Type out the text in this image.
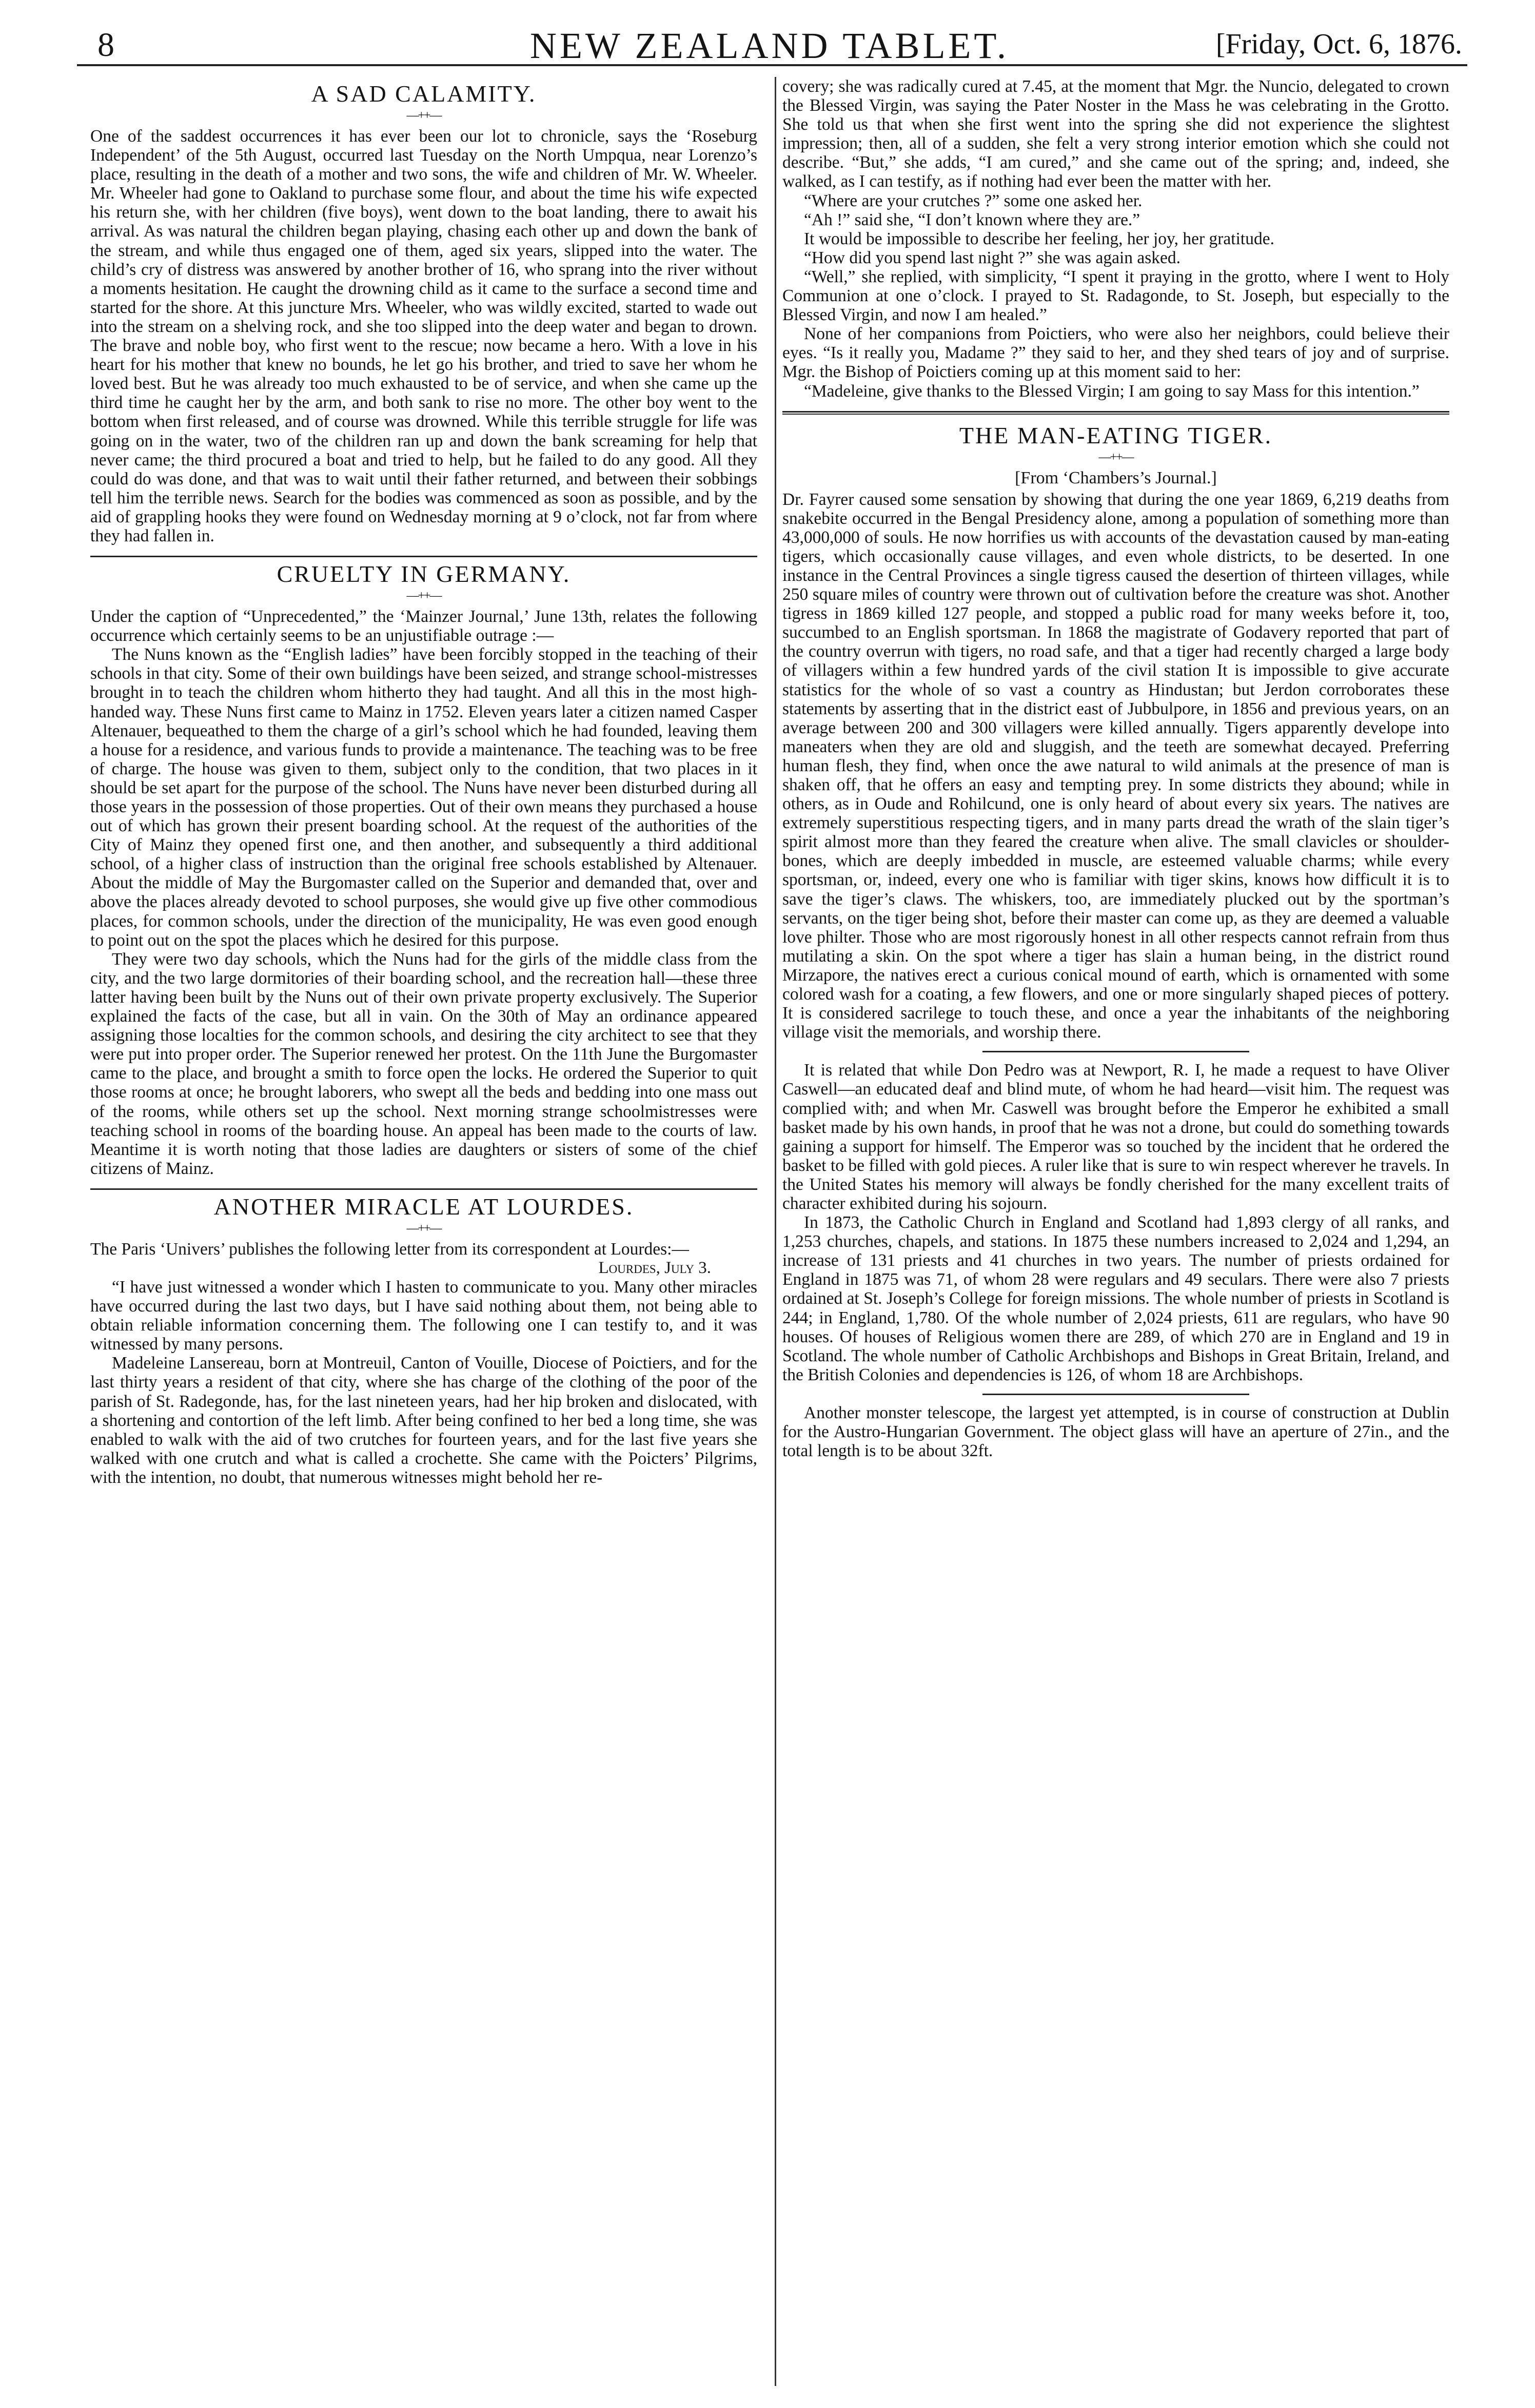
8	NEW ZEALAND TABLET.	[Friday, Oct. 6, 1876.
A SAD CALAMITY.
—++—

One of the saddest occurrences it has ever been our lot to chronicle, says the ‘Roseburg Independent’ of the 5th August, occurred last Tuesday on the North Umpqua, near Lorenzo’s place, resulting in the death of a mother and two sons, the wife and children of Mr. W. Wheeler. Mr. Wheeler had gone to Oakland to purchase some flour, and about the time his wife expected his return she, with her children (five boys), went down to the boat landing, there to await his arrival. As was natural the children began playing, chasing each other up and down the bank of the stream, and while thus engaged one of them, aged six years, slipped into the water. The child’s cry of distress was answered by another brother of 16, who sprang into the river without a moments hesitation. He caught the drowning child as it came to the surface a second time and started for the shore. At this juncture Mrs. Wheeler, who was wildly excited, started to wade out into the stream on a shelving rock, and she too slipped into the deep water and began to drown. The brave and noble boy, who first went to the rescue; now became a hero. With a love in his heart for his mother that knew no bounds, he let go his brother, and tried to save her whom he loved best. But he was already too much exhausted to be of service, and when she came up the third time he caught her by the arm, and both sank to rise no more. The other boy went to the bottom when first released, and of course was drowned. While this terrible struggle for life was going on in the water, two of the children ran up and down the bank screaming for help that never came; the third procured a boat and tried to help, but he failed to do any good. All they could do was done, and that was to wait until their father returned, and between their sobbings tell him the terrible news. Search for the bodies was commenced as soon as possible, and by the aid of grappling hooks they were found on Wednesday morning at 9 o’clock, not far from where they had fallen in.

CRUELTY IN GERMANY.
—++—

Under the caption of “Unprecedented,” the ‘Mainzer Journal,’ June 13th, relates the following occurrence which certainly seems to be an unjustifiable outrage :—

The Nuns known as the “English ladies” have been forcibly stopped in the teaching of their schools in that city. Some of their own buildings have been seized, and strange school-mistresses brought in to teach the children whom hitherto they had taught. And all this in the most high-handed way. These Nuns first came to Mainz in 1752. Eleven years later a citizen named Casper Altenauer, bequeathed to them the charge of a girl’s school which he had founded, leaving them a house for a residence, and various funds to provide a maintenance. The teaching was to be free of charge. The house was given to them, subject only to the condition, that two places in it should be set apart for the purpose of the school. The Nuns have never been disturbed during all those years in the possession of those properties. Out of their own means they purchased a house out of which has grown their present boarding school. At the request of the authorities of the City of Mainz they opened first one, and then another, and subsequently a third additional school, of a higher class of instruction than the original free schools established by Altenauer. About the middle of May the Burgomaster called on the Superior and demanded that, over and above the places already devoted to school purposes, she would give up five other commodious places, for common schools, under the direction of the municipality, He was even good enough to point out on the spot the places which he desired for this purpose.

They were two day schools, which the Nuns had for the girls of the middle class from the city, and the two large dormitories of their boarding school, and the recreation hall—these three latter having been built by the Nuns out of their own private property exclusively. The Superior explained the facts of the case, but all in vain. On the 30th of May an ordinance appeared assigning those localties for the common schools, and desiring the city architect to see that they were put into proper order. The Superior renewed her protest. On the 11th June the Burgomaster came to the place, and brought a smith to force open the locks. He ordered the Superior to quit those rooms at once; he brought laborers, who swept all the beds and bedding into one mass out of the rooms, while others set up the school. Next morning strange schoolmistresses were teaching school in rooms of the boarding house. An appeal has been made to the courts of law. Meantime it is worth noting that those ladies are daughters or sisters of some of the chief citizens of Mainz.

ANOTHER MIRACLE AT LOURDES.
—++—

The Paris ‘Univers’ publishes the following letter from its correspondent at Lourdes:—

Lourdes, July 3.

“I have just witnessed a wonder which I hasten to communicate to you. Many other miracles have occurred during the last two days, but I have said nothing about them, not being able to obtain reliable information concerning them. The following one I can testify to, and it was witnessed by many persons.

Madeleine Lansereau, born at Montreuil, Canton of Vouille, Diocese of Poictiers, and for the last thirty years a resident of that city, where she has charge of the clothing of the poor of the parish of St. Radegonde, has, for the last nineteen years, had her hip broken and dislocated, with a shortening and contortion of the left limb. After being confined to her bed a long time, she was enabled to walk with the aid of two crutches for fourteen years, and for the last five years she walked with one crutch and what is called a crochette. She came with the Poicters’ Pilgrims, with the intention, no doubt, that numerous witnesses might behold her re-

covery; she was radically cured at 7.45, at the moment that Mgr. the Nuncio, delegated to crown the Blessed Virgin, was saying the Pater Noster in the Mass he was celebrating in the Grotto. She told us that when she first went into the spring she did not experience the slightest impression; then, all of a sudden, she felt a very strong interior emotion which she could not describe. “But,” she adds, “I am cured,” and she came out of the spring; and, indeed, she walked, as I can testify, as if nothing had ever been the matter with her.

“Where are your crutches ?” some one asked her.

“Ah !” said she, “I don’t known where they are.”

It would be impossible to describe her feeling, her joy, her gratitude.

“How did you spend last night ?” she was again asked.

“Well,” she replied, with simplicity, “I spent it praying in the grotto, where I went to Holy Communion at one o’clock. I prayed to St. Radagonde, to St. Joseph, but especially to the Blessed Virgin, and now I am healed.”

None of her companions from Poictiers, who were also her neighbors, could believe their eyes. “Is it really you, Madame ?” they said to her, and they shed tears of joy and of surprise. Mgr. the Bishop of Poictiers coming up at this moment said to her:

“Madeleine, give thanks to the Blessed Virgin; I am going to say Mass for this intention.”

THE MAN-EATING TIGER.
—++—
[From ‘Chambers’s Journal.]

Dr. Fayrer caused some sensation by showing that during the one year 1869, 6,219 deaths from snakebite occurred in the Bengal Presidency alone, among a population of something more than 43,000,000 of souls. He now horrifies us with accounts of the devastation caused by man-eating tigers, which occasionally cause villages, and even whole districts, to be deserted. In one instance in the Central Provinces a single tigress caused the desertion of thirteen villages, while 250 square miles of country were thrown out of cultivation before the creature was shot. Another tigress in 1869 killed 127 people, and stopped a public road for many weeks before it, too, succumbed to an English sportsman. In 1868 the magistrate of Godavery reported that part of the country overrun with tigers, no road safe, and that a tiger had recently charged a large body of villagers within a few hundred yards of the civil station It is impossible to give accurate statistics for the whole of so vast a country as Hindustan; but Jerdon corroborates these statements by asserting that in the district east of Jubbulpore, in 1856 and previous years, on an average between 200 and 300 villagers were killed annually. Tigers apparently develope into maneaters when they are old and sluggish, and the teeth are somewhat decayed. Preferring human flesh, they find, when once the awe natural to wild animals at the presence of man is shaken off, that he offers an easy and tempting prey. In some districts they abound; while in others, as in Oude and Rohilcund, one is only heard of about every six years. The natives are extremely superstitious respecting tigers, and in many parts dread the wrath of the slain tiger’s spirit almost more than they feared the creature when alive. The small clavicles or shoulder-bones, which are deeply imbedded in muscle, are esteemed valuable charms; while every sportsman, or, indeed, every one who is familiar with tiger skins, knows how difficult it is to save the tiger’s claws. The whiskers, too, are immediately plucked out by the sportman’s servants, on the tiger being shot, before their master can come up, as they are deemed a valuable love philter. Those who are most rigorously honest in all other respects cannot refrain from thus mutilating a skin. On the spot where a tiger has slain a human being, in the district round Mirzapore, the natives erect a curious conical mound of earth, which is ornamented with some colored wash for a coating, a few flowers, and one or more singularly shaped pieces of pottery. It is considered sacrilege to touch these, and once a year the inhabitants of the neighboring village visit the memorials, and worship there.

It is related that while Don Pedro was at Newport, R. I, he made a request to have Oliver Caswell—an educated deaf and blind mute, of whom he had heard—visit him. The request was complied with; and when Mr. Caswell was brought before the Emperor he exhibited a small basket made by his own hands, in proof that he was not a drone, but could do something towards gaining a support for himself. The Emperor was so touched by the incident that he ordered the basket to be filled with gold pieces. A ruler like that is sure to win respect wherever he travels. In the United States his memory will always be fondly cherished for the many excellent traits of character exhibited during his sojourn.

In 1873, the Catholic Church in England and Scotland had 1,893 clergy of all ranks, and 1,253 churches, chapels, and stations. In 1875 these numbers increased to 2,024 and 1,294, an increase of 131 priests and 41 churches in two years. The number of priests ordained for England in 1875 was 71, of whom 28 were regulars and 49 seculars. There were also 7 priests ordained at St. Joseph’s College for foreign missions. The whole number of priests in Scotland is 244; in England, 1,780. Of the whole number of 2,024 priests, 611 are regulars, who have 90 houses. Of houses of Religious women there are 289, of which 270 are in England and 19 in Scotland. The whole number of Catholic Archbishops and Bishops in Great Britain, Ireland, and the British Colonies and dependencies is 126, of whom 18 are Archbishops.

Another monster telescope, the largest yet attempted, is in course of construction at Dublin for the Austro-Hungarian Government. The object glass will have an aperture of 27in., and the total length is to be about 32ft.
